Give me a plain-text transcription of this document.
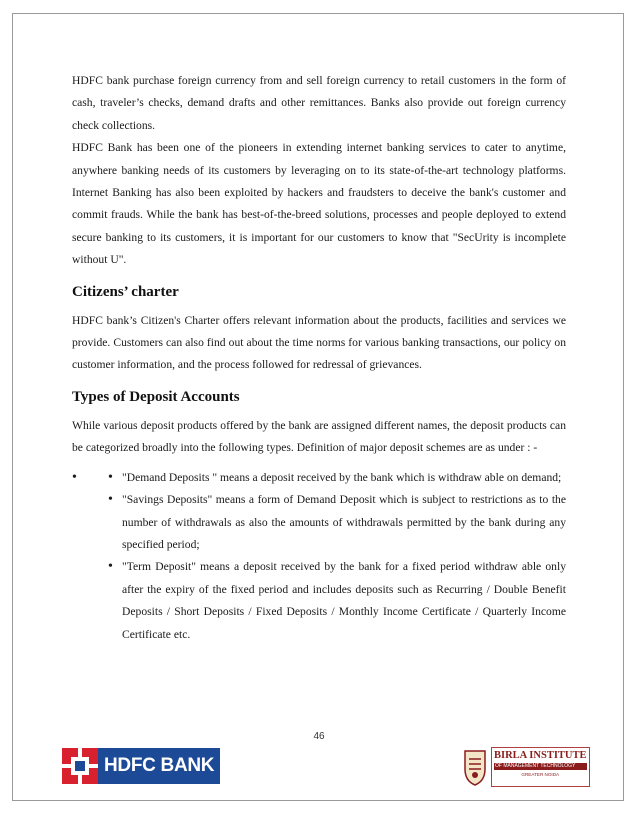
HDFC bank purchase foreign currency from and sell foreign currency to retail customers in the form of cash, traveler’s checks, demand drafts and other remittances. Banks also provide out foreign currency check collections.

HDFC Bank has been one of the pioneers in extending internet banking services to cater to anytime, anywhere banking needs of its customers by leveraging on to its state-of-the-art technology platforms. Internet Banking has also been exploited by hackers and fraudsters to deceive the bank's customer and commit frauds. While the bank has best-of-the-breed solutions, processes and people deployed to extend secure banking to its customers, it is important for our customers to know that "SecUrity is incomplete without U".

Citizens’ charter

HDFC bank’s Citizen's Charter offers relevant information about the products, facilities and services we provide. Customers can also find out about the time norms for various banking transactions, our policy on customer information, and the process followed for redressal of grievances.

Types of Deposit Accounts

While various deposit products offered by the bank are assigned different names, the deposit products can be categorized broadly into the following types. Definition of major deposit schemes are as under : -

•	• "Demand Deposits " means a deposit received by the bank which is withdraw able on demand;
• "Savings Deposits" means a form of Demand Deposit which is subject to restrictions as to the number of withdrawals as also the amounts of withdrawals permitted by the bank during any specified period;
• "Term Deposit" means a deposit received by the bank for a fixed period withdraw able only after the expiry of the fixed period and includes deposits such as Recurring / Double Benefit Deposits / Short Deposits / Fixed Deposits / Monthly Income Certificate / Quarterly Income Certificate etc.
46
HDFC BANK	BIRLA INSTITUTE
OF MANAGEMENT TECHNOLOGY
GREATER NOIDA
